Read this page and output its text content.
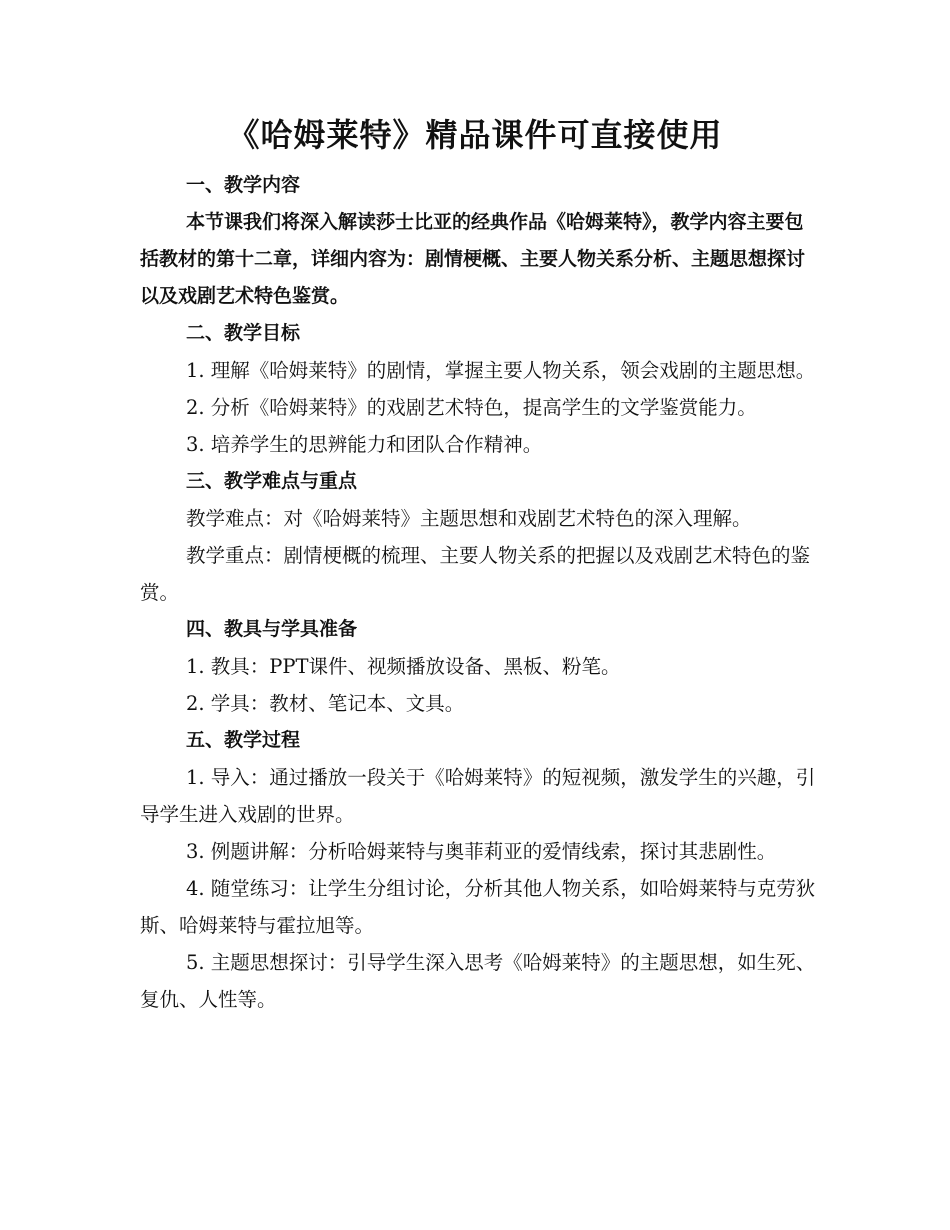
《哈姆莱特》精品课件可直接使用

一、教学内容

本节课我们将深入解读莎士比亚的经典作品《哈姆莱特》，教学内容主要包括教材的第十二章，详细内容为：剧情梗概、主要人物关系分析、主题思想探讨以及戏剧艺术特色鉴赏。

二、教学目标

1. 理解《哈姆莱特》的剧情，掌握主要人物关系，领会戏剧的主题思想。

2. 分析《哈姆莱特》的戏剧艺术特色，提高学生的文学鉴赏能力。

3. 培养学生的思辨能力和团队合作精神。

三、教学难点与重点

教学难点：对《哈姆莱特》主题思想和戏剧艺术特色的深入理解。

教学重点：剧情梗概的梳理、主要人物关系的把握以及戏剧艺术特色的鉴赏。

四、教具与学具准备

1. 教具：PPT课件、视频播放设备、黑板、粉笔。

2. 学具：教材、笔记本、文具。

五、教学过程

1. 导入：通过播放一段关于《哈姆莱特》的短视频，激发学生的兴趣，引导学生进入戏剧的世界。

3. 例题讲解：分析哈姆莱特与奥菲莉亚的爱情线索，探讨其悲剧性。

4. 随堂练习：让学生分组讨论，分析其他人物关系，如哈姆莱特与克劳狄斯、哈姆莱特与霍拉旭等。

5. 主题思想探讨：引导学生深入思考《哈姆莱特》的主题思想，如生死、复仇、人性等。
